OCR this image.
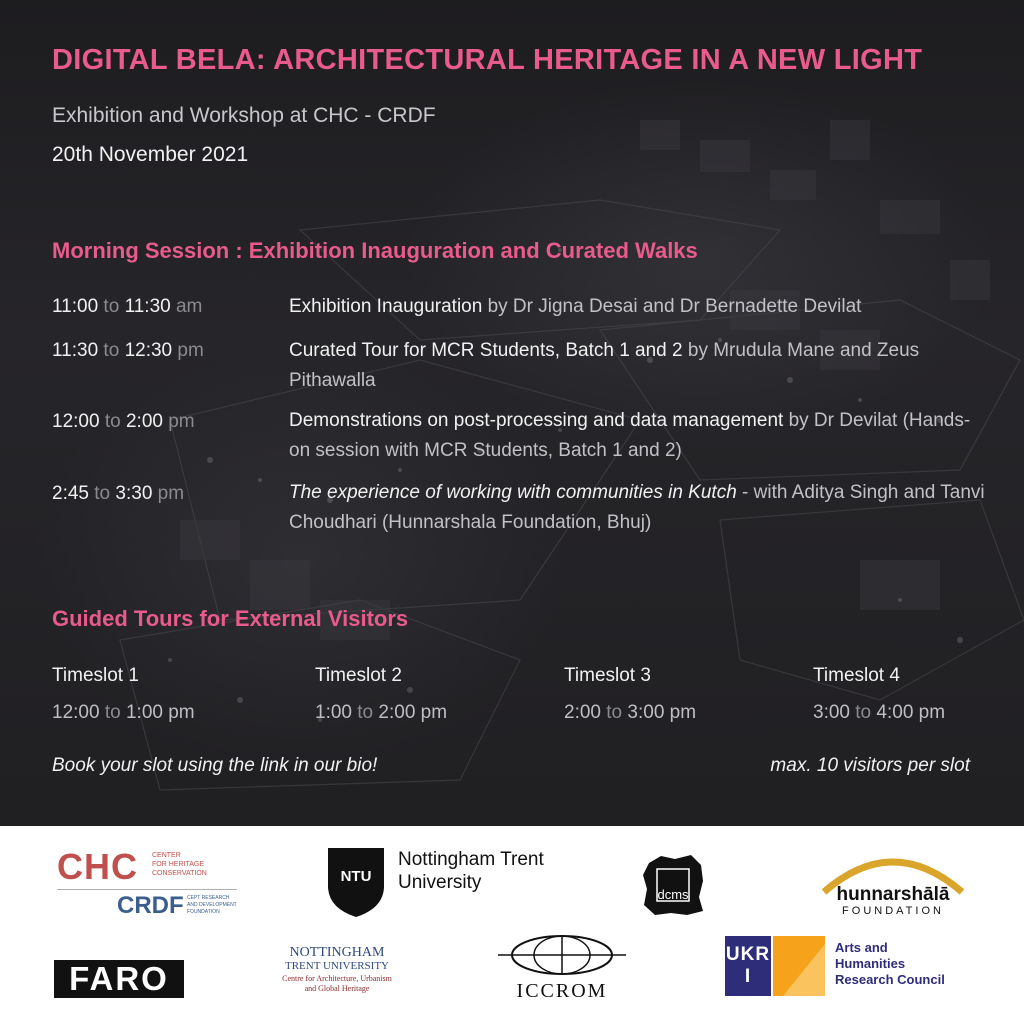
DIGITAL BELA: ARCHITECTURAL HERITAGE IN A NEW LIGHT
Exhibition and Workshop at CHC - CRDF
20th November 2021
Morning Session : Exhibition Inauguration and Curated Walks
11:00 to 11:30 am	Exhibition Inauguration by Dr Jigna Desai and Dr Bernadette Devilat
11:30 to 12:30 pm	Curated Tour for MCR Students, Batch 1 and 2 by Mrudula Mane and Zeus Pithawalla
12:00 to 2:00 pm	Demonstrations on post-processing and data management by Dr Devilat (Hands-on session with MCR Students, Batch 1 and 2)
2:45 to 3:30 pm	The experience of working with communities in Kutch - with Aditya Singh and Tanvi Choudhari (Hunnarshala Foundation, Bhuj)
Guided Tours for External Visitors
Timeslot 1	Timeslot 2	Timeslot 3	Timeslot 4
12:00 to 1:00 pm	1:00 to 2:00 pm	2:00 to 3:00 pm	3:00 to 4:00 pm
Book your slot using the link in our bio!	max. 10 visitors per slot
CHC CENTER
FOR HERITAGE
CONSERVATION
CRDF CEPT RESEARCH
AND DEVELOPMENT
FOUNDATION
NTU
Nottingham Trent
University
dcms	hunnarshālā
FOUNDATION
FARO
NOTTINGHAM
TRENT UNIVERSITY
Centre for Architecture, Urbanism
and Global Heritage	ICCROM
UKRI
Arts and
Humanities
Research Council
